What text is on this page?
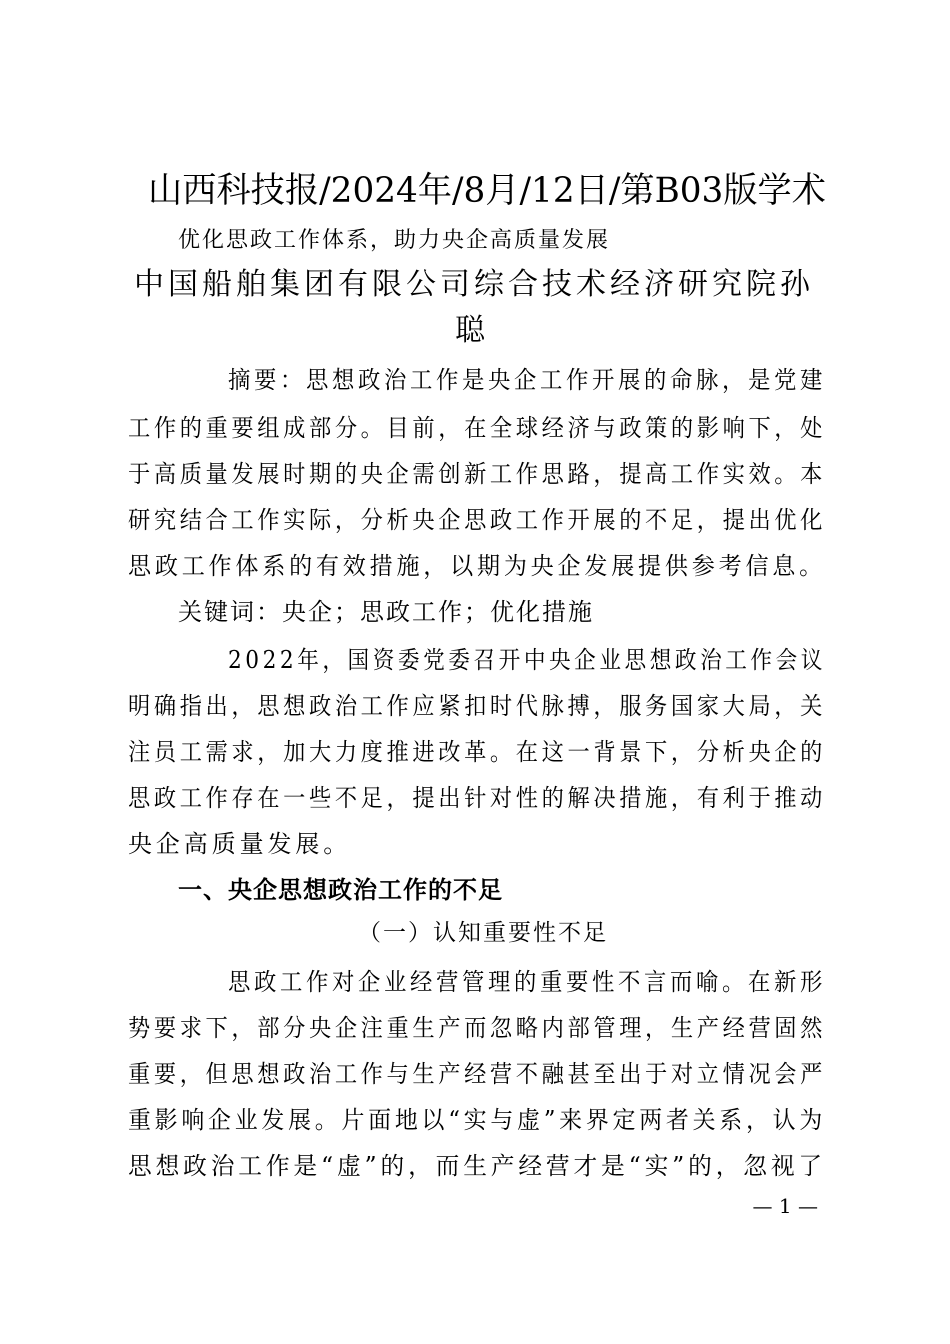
山西科技报/2024年/8月/12日/第B03版学术
优化思政工作体系，助力央企高质量发展
中国船舶集团有限公司综合技术经济研究院孙
聪
摘要：思想政治工作是央企工作开展的命脉，是党建
工作的重要组成部分。目前，在全球经济与政策的影响下，处
于高质量发展时期的央企需创新工作思路，提高工作实效。本
研究结合工作实际，分析央企思政工作开展的不足，提出优化
思政工作体系的有效措施，以期为央企发展提供参考信息。
关键词：央企；思政工作；优化措施
2022年，国资委党委召开中央企业思想政治工作会议
明确指出，思想政治工作应紧扣时代脉搏，服务国家大局，关
注员工需求，加大力度推进改革。在这一背景下，分析央企的
思政工作存在一些不足，提出针对性的解决措施，有利于推动
央企高质量发展。
一、央企思想政治工作的不足
（一）认知重要性不足
思政工作对企业经营管理的重要性不言而喻。在新形
势要求下，部分央企注重生产而忽略内部管理，生产经营固然
重要，但思想政治工作与生产经营不融甚至出于对立情况会严
重影响企业发展。片面地以“实与虚”来界定两者关系，认为
思想政治工作是“虚”的，而生产经营才是“实”的，忽视了
— 1 —
